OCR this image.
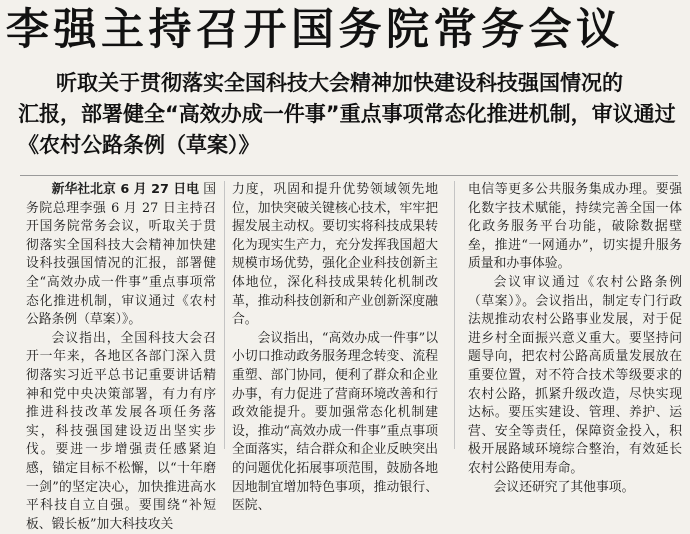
李强主持召开国务院常务会议
听取关于贯彻落实全国科技大会精神加快建设科技强国情况的
汇报，部署健全“高效办成一件事”重点事项常态化推进机制，审议通过
《农村公路条例（草案）》

新华社北京 6 月 27 日电 国务院总理李强 6 月 27 日主持召开国务院常务会议，听取关于贯彻落实全国科技大会精神加快建设科技强国情况的汇报，部署健全“高效办成一件事”重点事项常态化推进机制，审议通过《农村公路条例（草案）》。

会议指出，全国科技大会召开一年来，各地区各部门深入贯彻落实习近平总书记重要讲话精神和党中央决策部署，有力有序推进科技改革发展各项任务落实，科技强国建设迈出坚实步伐。要进一步增强责任感紧迫感，锚定目标不松懈，以“十年磨一剑”的坚定决心，加快推进高水平科技自立自强。要围绕“补短板、锻长板”加大科技攻关

力度，巩固和提升优势领域领先地位，加快突破关键核心技术，牢牢把握发展主动权。要切实将科技成果转化为现实生产力，充分发挥我国超大规模市场优势，强化企业科技创新主体地位，深化科技成果转化机制改革，推动科技创新和产业创新深度融合。

会议指出，“高效办成一件事”以小切口推动政务服务理念转变、流程重塑、部门协同，便利了群众和企业办事，有力促进了营商环境改善和行政效能提升。要加强常态化机制建设，推动“高效办成一件事”重点事项全面落实，结合群众和企业反映突出的问题优化拓展事项范围，鼓励各地因地制宜增加特色事项，推动银行、医院、

电信等更多公共服务集成办理。要强化数字技术赋能，持续完善全国一体化政务服务平台功能，破除数据壁垒，推进“一网通办”，切实提升服务质量和办事体验。

会议审议通过《农村公路条例（草案）》。会议指出，制定专门行政法规推动农村公路事业发展，对于促进乡村全面振兴意义重大。要坚持问题导向，把农村公路高质量发展放在重要位置，对不符合技术等级要求的农村公路，抓紧升级改造，尽快实现达标。要压实建设、管理、养护、运营、安全等责任，保障资金投入，积极开展路域环境综合整治，有效延长农村公路使用寿命。

会议还研究了其他事项。
